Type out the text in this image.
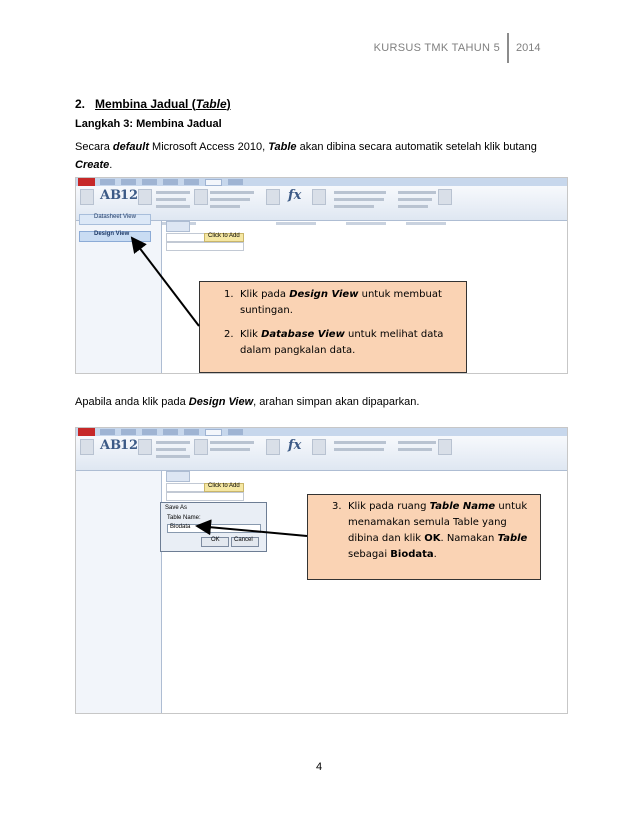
KURSUS TMK TAHUN 5 2014
2. Membina Jadual (Table)
Langkah 3: Membina Jadual
Secara default Microsoft Access 2010, Table akan dibina secara automatik setelah klik butang
Create.
AB
12	fx
Datasheet View
Design View	Click to Add
1. Klik pada Design View untuk membuat suntingan.
2. Klik Database View untuk melihat data dalam pangkalan data.
Apabila anda klik pada Design View, arahan simpan akan dipaparkan.
AB
12	fx
Click to Add
Save As
Table Name:
Biodata
OK Cancel
3. Klik pada ruang Table Name untuk menamakan semula Table yang dibina dan klik OK. Namakan Table sebagai Biodata.
4
